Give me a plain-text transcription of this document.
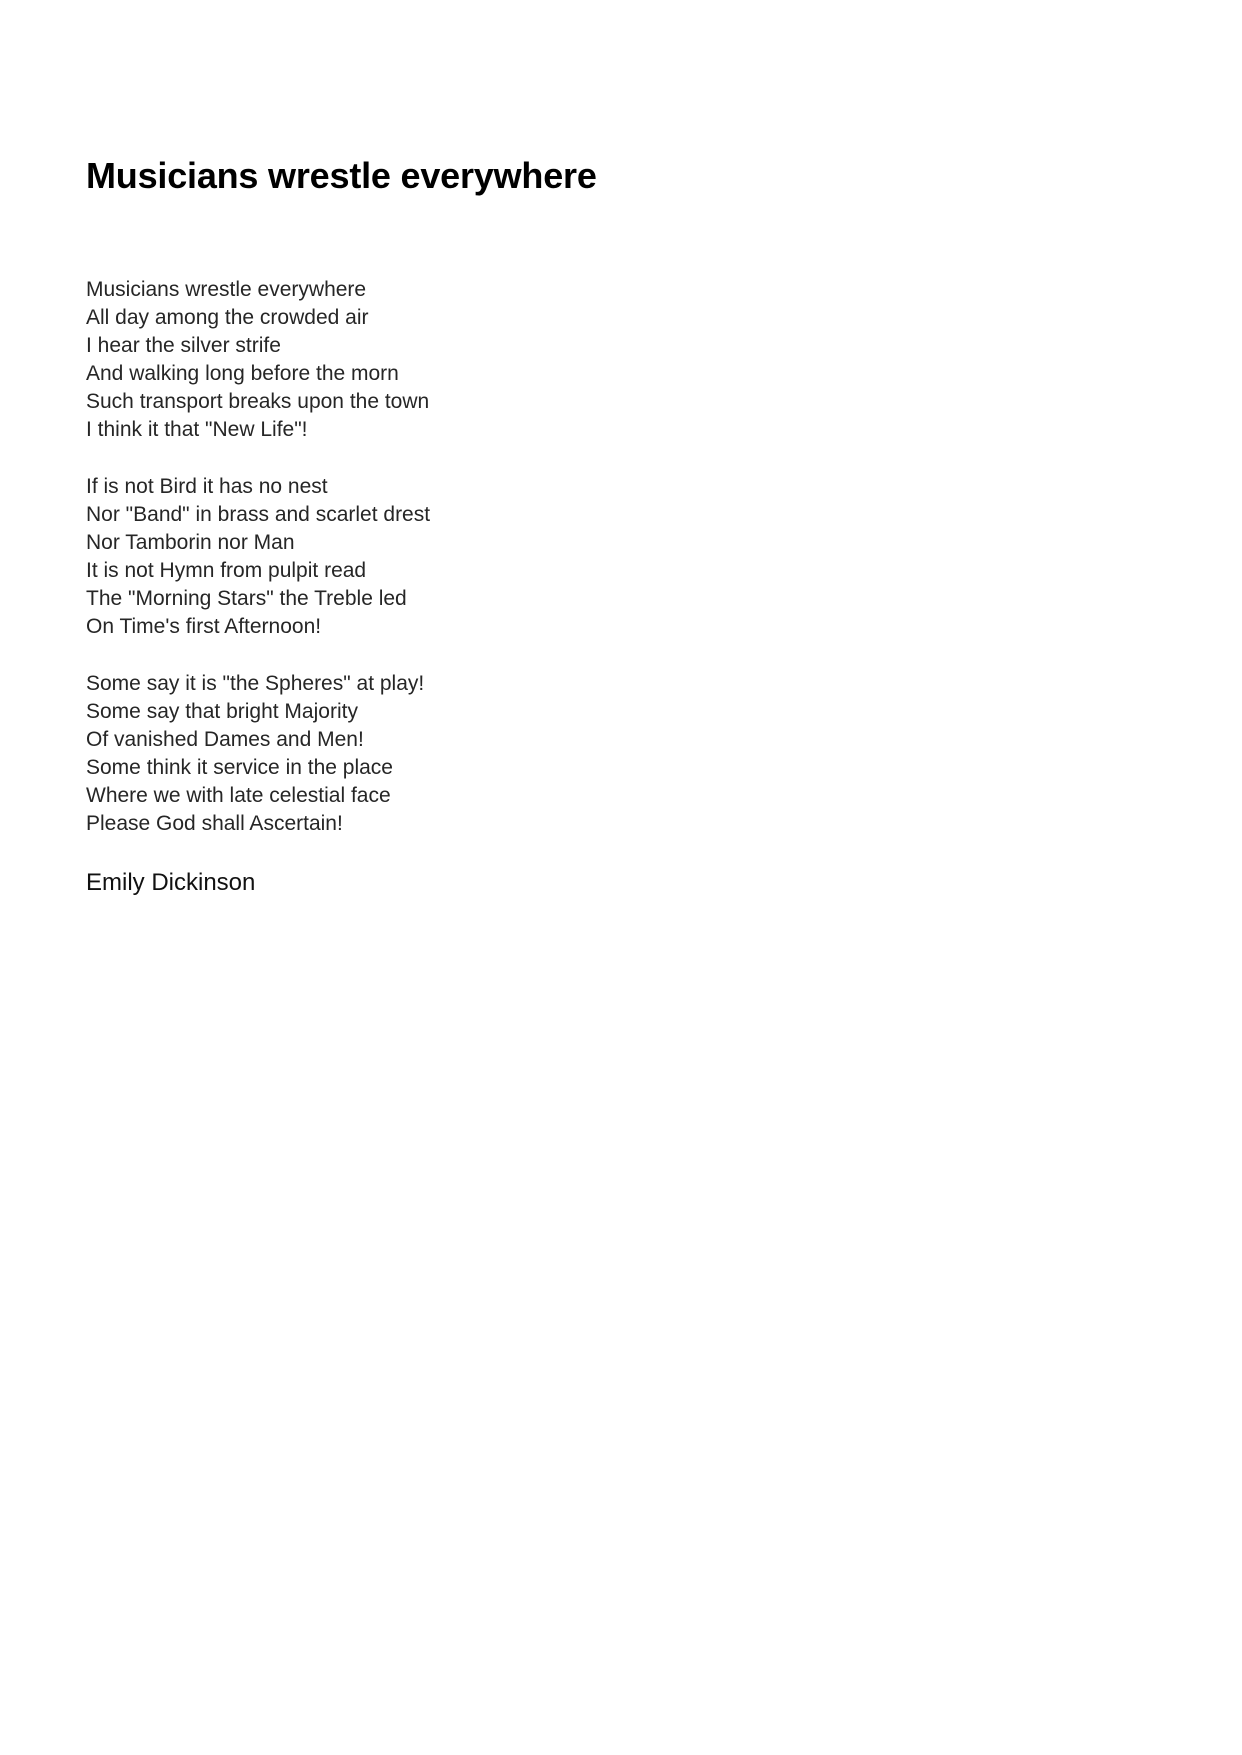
Musicians wrestle everywhere
Musicians wrestle everywhere
All day among the crowded air
I hear the silver strife
And walking long before the morn
Such transport breaks upon the town
I think it that "New Life"!
If is not Bird it has no nest
Nor "Band" in brass and scarlet drest
Nor Tamborin nor Man
It is not Hymn from pulpit read
The "Morning Stars" the Treble led
On Time's first Afternoon!
Some say it is "the Spheres" at play!
Some say that bright Majority
Of vanished Dames and Men!
Some think it service in the place
Where we with late celestial face
Please God shall Ascertain!
Emily Dickinson
